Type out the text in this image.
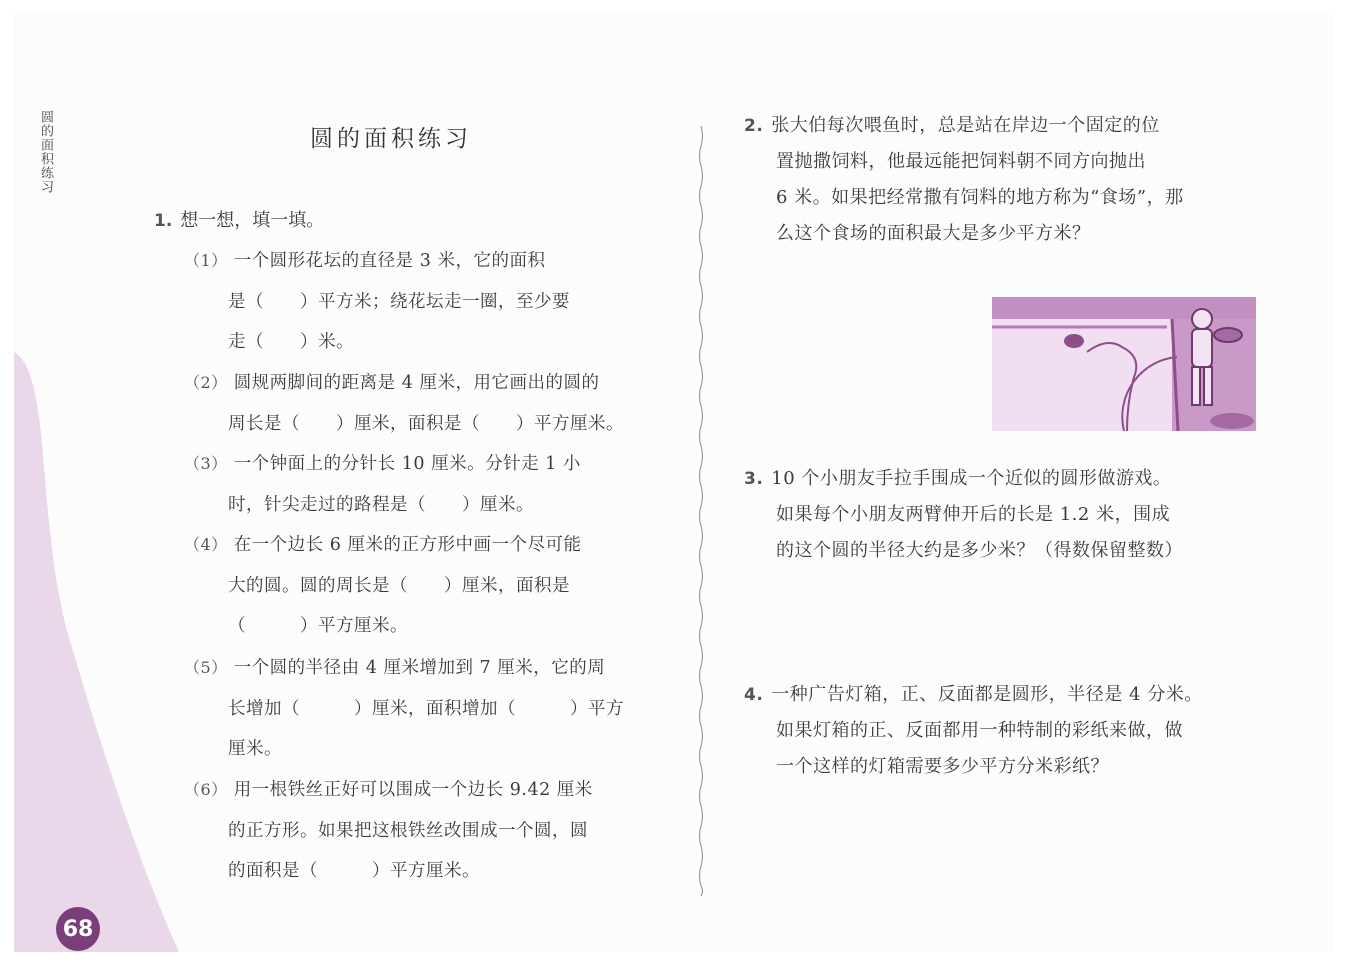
圆的面积练习
68
圆的面积练习
1. 想一想，填一填。
（1） 一个圆形花坛的直径是 3 米，它的面积
是（　　）平方米；绕花坛走一圈，至少要
走（　　）米。
（2） 圆规两脚间的距离是 4 厘米，用它画出的圆的
周长是（　　）厘米，面积是（　　）平方厘米。
（3） 一个钟面上的分针长 10 厘米。分针走 1 小
时，针尖走过的路程是（　　）厘米。
（4） 在一个边长 6 厘米的正方形中画一个尽可能
大的圆。圆的周长是（　　）厘米，面积是
（　　　）平方厘米。
（5） 一个圆的半径由 4 厘米增加到 7 厘米，它的周
长增加（　　　）厘米，面积增加（　　　）平方
厘米。
（6） 用一根铁丝正好可以围成一个边长 9.42 厘米
的正方形。如果把这根铁丝改围成一个圆，圆
的面积是（　　　）平方厘米。
2. 张大伯每次喂鱼时，总是站在岸边一个固定的位
置抛撒饲料，他最远能把饲料朝不同方向抛出
6 米。如果把经常撒有饲料的地方称为“食场”，那
么这个食场的面积最大是多少平方米？
3. 10 个小朋友手拉手围成一个近似的圆形做游戏。
如果每个小朋友两臂伸开后的长是 1.2 米，围成
的这个圆的半径大约是多少米？（得数保留整数）
4. 一种广告灯箱，正、反面都是圆形，半径是 4 分米。
如果灯箱的正、反面都用一种特制的彩纸来做，做
一个这样的灯箱需要多少平方分米彩纸？
